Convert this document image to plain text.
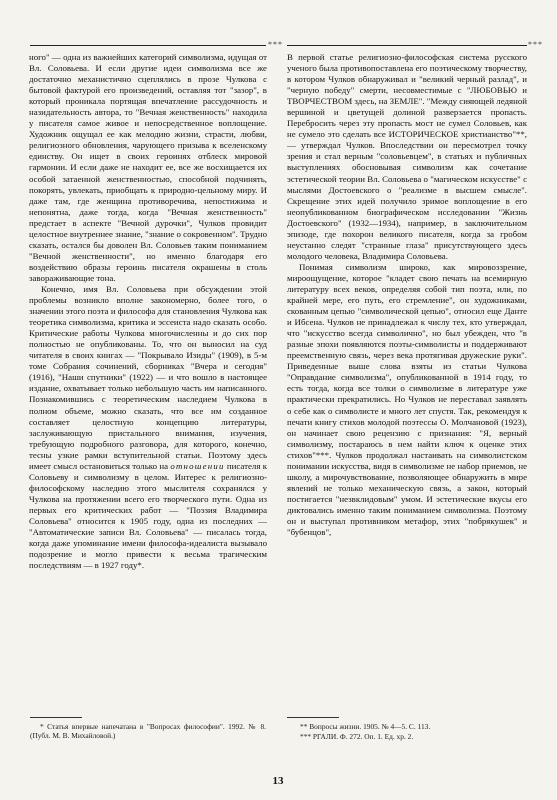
***	***

ного" — одна из важнейших категорий символизма, идущая от Вл. Соловьева. И если другие идеи символизма все же достаточно механистично сцеплялись в прозе Чулкова с бытовой фактурой его произведений, оставляя тот "зазор", в который проникала портящая впечатление рассудочность и назидательность автора, то "Вечная женственность" находила у писателя самое живое и непосредственное воплощение. Художник ощущал ее как мелодию жизни, страсти, любви, религиозного обновления, чарующего призыва к вселенскому единству. Он ищет в своих героинях отблеск мировой гармонии. И если даже не находит ее, все же восхищается их особой затаенной женственностью, способной подчинять, покорять, увлекать, приобщать к природно-цельному миру. И даже там, где женщина противоречива, непостижима и непонятна, даже тогда, когда "Вечная женственность" предстает в аспекте "Вечной дурочки", Чулков провидит целостное внутреннее знание, "знание о сокровенном". Трудно сказать, остался бы доволен Вл. Соловьев таким пониманием "Вечной женственности", но именно благодаря его воздействию образы героинь писателя окрашены в столь завораживающие тона.

Конечно, имя Вл. Соловьева при обсуждении этой проблемы возникло вполне закономерно, более того, о значении этого поэта и философа для становления Чулкова как теоретика символизма, критика и эссеиста надо сказать особо. Критические работы Чулкова многочисленны и до сих пор полностью не опубликованы. То, что он выносил на суд читателя в своих книгах — "Покрывало Изиды" (1909), в 5-м томе Собрания сочинений, сборниках "Вчера и сегодня" (1916), "Наши спутники" (1922) — и что вошло в настоящее издание, охватывает только небольшую часть им написанного. Познакомившись с теоретическим наследием Чулкова в полном объеме, можно сказать, что все им созданное составляет целостную концепцию литературы, заслуживающую пристального внимания, изучения, требующую подробного разговора, для которого, конечно, тесны узкие рамки вступительной статьи. Поэтому здесь имеет смысл остановиться только на отношении писателя к Соловьеву и символизму в целом. Интерес к религиозно-философскому наследию этого мыслителя сохранялся у Чулкова на протяжении всего его творческого пути. Одна из первых его критических работ — "Поэзия Владимира Соловьева" относится к 1905 году, одна из последних — "Автоматические записи Вл. Соловьева" — писалась тогда, когда даже упоминание имени философа-идеалиста вызывало подозрение и могло привести к весьма трагическим последствиям — в 1927 году*.

В первой статье религиозно-философская система русского ученого была противопоставлена его поэтическому творчеству, в котором Чулков обнаруживал и "великий черный разлад", и "черную победу" смерти, несовместимые с "ЛЮБОВЬЮ и ТВОРЧЕСТВОМ здесь, на ЗЕМЛЕ". "Между сияющей ледяной вершиной и цветущей долиной разверзается пропасть. Перебросить через эту пропасть мост не сумел Соловьев, как не сумело это сделать все ИСТОРИЧЕСКОЕ христианство"**, — утверждал Чулков. Впоследствии он пересмотрел точку зрения и стал верным "соловьевцем", в статьях и публичных выступлениях обосновывая символизм как сочетание эстетической теории Вл. Соловьева о "магическом искусстве" с мыслями Достоевского о "реализме в высшем смысле". Скрещение этих идей получило зримое воплощение в его неопубликованном биографическом исследовании "Жизнь Достоевского" (1932—1934), например, в заключительном эпизоде, где похорон великого писателя, когда за гробом неустанно следят "странные глаза" присутствующего здесь молодого человека, Владимира Соловьева.

Понимая символизм широко, как мировоззрение, мироощущение, которое "кладет свою печать на всемирную литературу всех веков, определяя собой тип поэта, или, по крайней мере, его путь, его стремление", он художниками, скованным цепью "символической цепью", относил еще Данте и Ибсена. Чулков не принадлежал к числу тех, кто утверждал, что "искусство всегда символично", но был убежден, что "в разные эпохи появляются поэты-символисты и поддерживают преемственную связь, через века протягивая дружеские руки". Приведенные выше слова взяты из статьи Чулкова "Оправдание символизма", опубликованной в 1914 году, то есть тогда, когда все толки о символизме в литературе уже практически прекратились. Но Чулков не переставал заявлять о себе как о символисте и много лет спустя. Так, рекомендуя к печати книгу стихов молодой поэтессы О. Молчановой (1923), он начинает свою рецензию с признания: "Я, верный символизму, постараюсь в нем найти ключ к оценке этих стихов"***. Чулков продолжал настаивать на символистском понимании искусства, видя в символизме не набор приемов, не школу, а мирочувствование, позволяющее обнаружить в мире явлений не только механическую связь, а закон, который постигается "незвклидовым" умом. И эстетические вкусы его диктовались именно таким пониманием символизма. Поэтому он и выступал противником метафор, этих "побрякушек" и "бубенцов",

* Статья впервые напечатана в "Вопросах философии". 1992. № 8. (Публ. М. В. Михайловой.)
** Вопросы жизни. 1905. № 4—5. С. 113.
*** РГАЛИ. Ф. 272. Оп. 1. Ед. хр. 2.
13
